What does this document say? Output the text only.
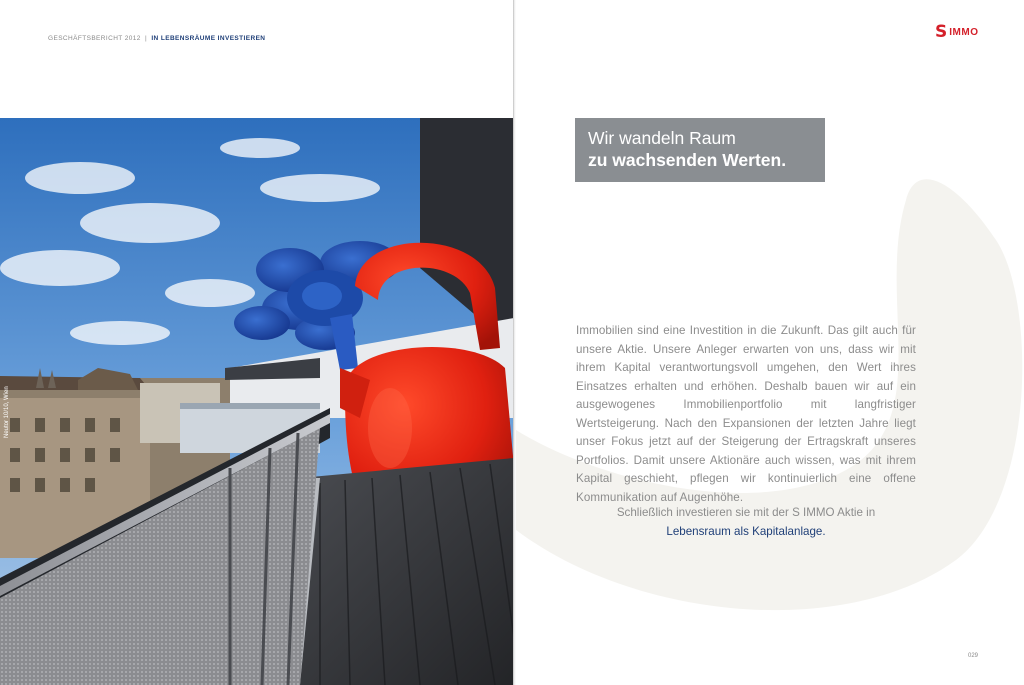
GESCHÄFTSBERICHT 2012 | IN LEBENSRÄUME INVESTIEREN
Neutor 10/10, Wien
S IMMO
Wir wandeln Raum
zu wachsenden Werten.

Immobilien sind eine Investition in die Zukunft. Das gilt auch für unsere Aktie. Unsere Anleger erwarten von uns, dass wir mit ihrem Kapital verantwortungsvoll umgehen, den Wert ihres Einsatzes erhalten und erhöhen. Deshalb bauen wir auf ein ausgewogenes Immobilienportfolio mit langfristiger Wertsteigerung. Nach den Expansionen der letzten Jahre liegt unser Fokus jetzt auf der Steigerung der Ertragskraft unseres Portfolios. Damit unsere Aktionäre auch wissen, was mit ihrem Kapital geschieht, pflegen wir kontinuierlich eine offene Kommunikation auf Augenhöhe.

Schließlich investieren sie mit der S IMMO Aktie in
Lebensraum als Kapitalanlage.
029
